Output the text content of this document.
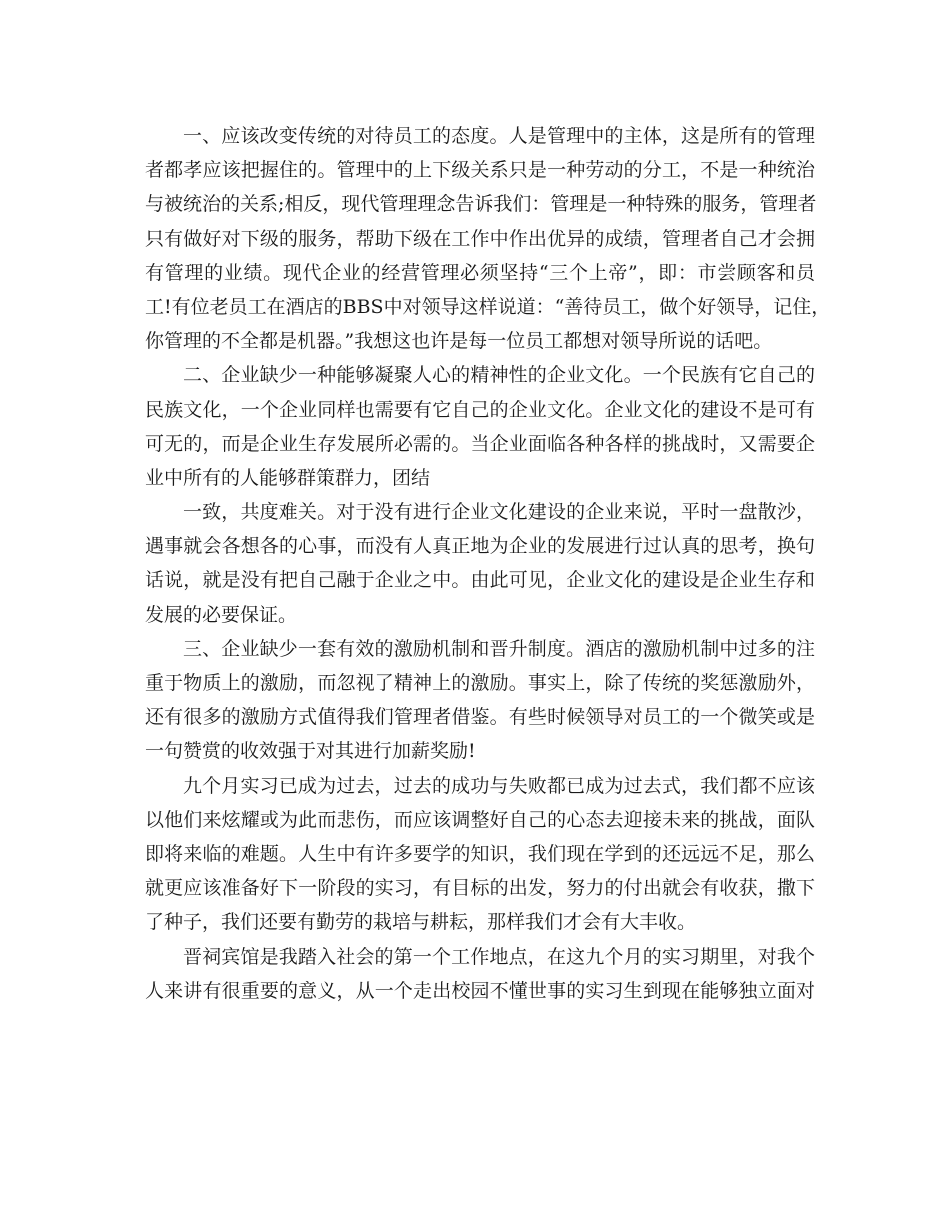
一、应该改变传统的对待员工的态度。人是管理中的主体，这是所有的管理
者都孝应该把握住的。管理中的上下级关系只是一种劳动的分工，不是一种统治
与被统治的关系;相反，现代管理理念告诉我们：管理是一种特殊的服务，管理者
只有做好对下级的服务，帮助下级在工作中作出优异的成绩，管理者自己才会拥
有管理的业绩。现代企业的经营管理必须坚持“三个上帝”，即：市尝顾客和员
工!有位老员工在酒店的BBS中对领导这样说道：“善待员工，做个好领导，记住，
你管理的不全都是机器。”我想这也许是每一位员工都想对领导所说的话吧。
二、企业缺少一种能够凝聚人心的精神性的企业文化。一个民族有它自己的
民族文化，一个企业同样也需要有它自己的企业文化。企业文化的建设不是可有
可无的，而是企业生存发展所必需的。当企业面临各种各样的挑战时，又需要企
业中所有的人能够群策群力，团结
一致，共度难关。对于没有进行企业文化建设的企业来说，平时一盘散沙，
遇事就会各想各的心事，而没有人真正地为企业的发展进行过认真的思考，换句
话说，就是没有把自己融于企业之中。由此可见，企业文化的建设是企业生存和
发展的必要保证。
三、企业缺少一套有效的激励机制和晋升制度。酒店的激励机制中过多的注
重于物质上的激励，而忽视了精神上的激励。事实上，除了传统的奖惩激励外，
还有很多的激励方式值得我们管理者借鉴。有些时候领导对员工的一个微笑或是
一句赞赏的收效强于对其进行加薪奖励!
九个月实习已成为过去，过去的成功与失败都已成为过去式，我们都不应该
以他们来炫耀或为此而悲伤，而应该调整好自己的心态去迎接未来的挑战，面队
即将来临的难题。人生中有许多要学的知识，我们现在学到的还远远不足，那么
就更应该准备好下一阶段的实习，有目标的出发，努力的付出就会有收获，撒下
了种子，我们还要有勤劳的栽培与耕耘，那样我们才会有大丰收。
晋祠宾馆是我踏入社会的第一个工作地点，在这九个月的实习期里，对我个
人来讲有很重要的意义，从一个走出校园不懂世事的实习生到现在能够独立面对
